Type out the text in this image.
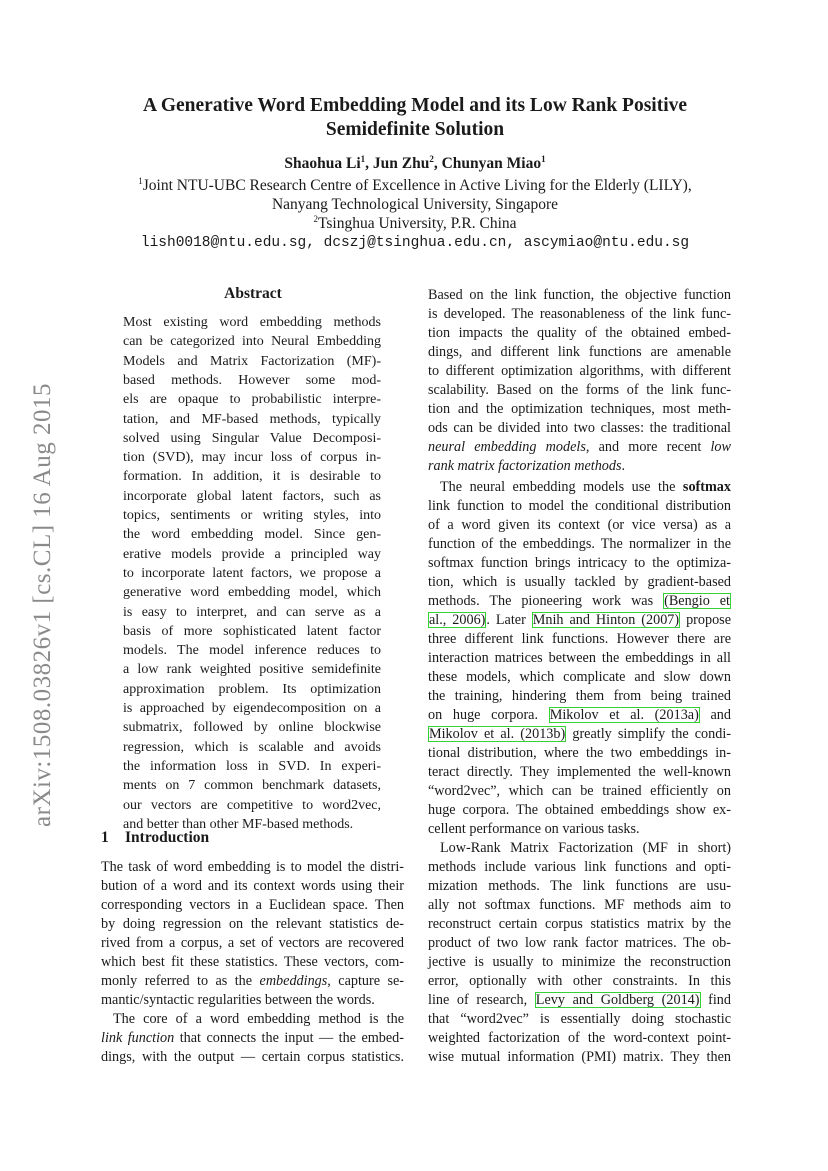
arXiv:1508.03826v1 [cs.CL] 16 Aug 2015
A Generative Word Embedding Model and its Low Rank Positive
Semidefinite Solution
Shaohua Li$^1$, Jun Zhu$^2$, Chunyan Miao$^1$
$^1$Joint NTU-UBC Research Centre of Excellence in Active Living for the Elderly (LILY),
Nanyang Technological University, Singapore
$^2$Tsinghua University, P.R. China
lish0018@ntu.edu.sg, dcszj@tsinghua.edu.cn, ascymiao@ntu.edu.sg
Abstract
Most existing word embedding methods
can be categorized into Neural Embedding
Models and Matrix Factorization (MF)-
based methods. However some mod-
els are opaque to probabilistic interpre-
tation, and MF-based methods, typically
solved using Singular Value Decomposi-
tion (SVD), may incur loss of corpus in-
formation. In addition, it is desirable to
incorporate global latent factors, such as
topics, sentiments or writing styles, into
the word embedding model. Since gen-
erative models provide a principled way
to incorporate latent factors, we propose a
generative word embedding model, which
is easy to interpret, and can serve as a
basis of more sophisticated latent factor
models. The model inference reduces to
a low rank weighted positive semidefinite
approximation problem. Its optimization
is approached by eigendecomposition on a
submatrix, followed by online blockwise
regression, which is scalable and avoids
the information loss in SVD. In experi-
ments on 7 common benchmark datasets,
our vectors are competitive to word2vec,
and better than other MF-based methods.
1 Introduction
The task of word embedding is to model the distri-
bution of a word and its context words using their
corresponding vectors in a Euclidean space. Then
by doing regression on the relevant statistics de-
rived from a corpus, a set of vectors are recovered
which best fit these statistics. These vectors, com-
monly referred to as the embeddings, capture se-
mantic/syntactic regularities between the words.
The core of a word embedding method is the
link function that connects the input — the embed-
dings, with the output — certain corpus statistics.
Based on the link function, the objective function
is developed. The reasonableness of the link func-
tion impacts the quality of the obtained embed-
dings, and different link functions are amenable
to different optimization algorithms, with different
scalability. Based on the forms of the link func-
tion and the optimization techniques, most meth-
ods can be divided into two classes: the traditional
neural embedding models, and more recent low
rank matrix factorization methods.
The neural embedding models use the softmax
link function to model the conditional distribution
of a word given its context (or vice versa) as a
function of the embeddings. The normalizer in the
softmax function brings intricacy to the optimiza-
tion, which is usually tackled by gradient-based
methods. The pioneering work was (Bengio et
al., 2006). Later Mnih and Hinton (2007) propose
three different link functions. However there are
interaction matrices between the embeddings in all
these models, which complicate and slow down
the training, hindering them from being trained
on huge corpora. Mikolov et al. (2013a) and
Mikolov et al. (2013b) greatly simplify the condi-
tional distribution, where the two embeddings in-
teract directly. They implemented the well-known
“word2vec”, which can be trained efficiently on
huge corpora. The obtained embeddings show ex-
cellent performance on various tasks.
Low-Rank Matrix Factorization (MF in short)
methods include various link functions and opti-
mization methods. The link functions are usu-
ally not softmax functions. MF methods aim to
reconstruct certain corpus statistics matrix by the
product of two low rank factor matrices. The ob-
jective is usually to minimize the reconstruction
error, optionally with other constraints. In this
line of research, Levy and Goldberg (2014) find
that “word2vec” is essentially doing stochastic
weighted factorization of the word-context point-
wise mutual information (PMI) matrix. They then
